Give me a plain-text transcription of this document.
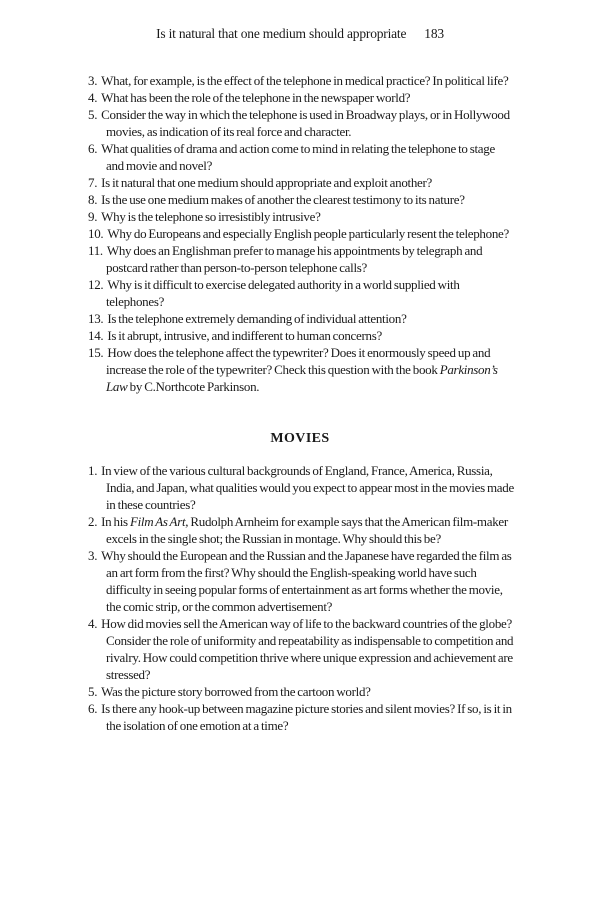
Is it natural that one medium should appropriate 183
3. What, for example, is the effect of the telephone in medical practice? In political life?
4. What has been the role of the telephone in the newspaper world?
5. Consider the way in which the telephone is used in Broadway plays, or in Hollywood movies, as indication of its real force and character.
6. What qualities of drama and action come to mind in relating the telephone to stage and movie and novel?
7. Is it natural that one medium should appropriate and exploit another?
8. Is the use one medium makes of another the clearest testimony to its nature?
9. Why is the telephone so irresistibly intrusive?
10. Why do Europeans and especially English people particularly resent the telephone?
11. Why does an Englishman prefer to manage his appointments by telegraph and postcard rather than person-to-person telephone calls?
12. Why is it difficult to exercise delegated authority in a world supplied with telephones?
13. Is the telephone extremely demanding of individual attention?
14. Is it abrupt, intrusive, and indifferent to human concerns?
15. How does the telephone affect the typewriter? Does it enormously speed up and increase the role of the typewriter? Check this question with the book Parkinson’s Law by C.Northcote Parkinson.
MOVIES
1. In view of the various cultural backgrounds of England, France, America, Russia, India, and Japan, what qualities would you expect to appear most in the movies made in these countries?
2. In his Film As Art, Rudolph Arnheim for example says that the American film-maker excels in the single shot; the Russian in montage. Why should this be?
3. Why should the European and the Russian and the Japanese have regarded the film as an art form from the first? Why should the English-speaking world have such difficulty in seeing popular forms of entertainment as art forms whether the movie, the comic strip, or the common advertisement?
4. How did movies sell the American way of life to the backward countries of the globe? Consider the role of uniformity and repeatability as indispensable to competition and rivalry. How could competition thrive where unique expression and achievement are stressed?
5. Was the picture story borrowed from the cartoon world?
6. Is there any hook-up between magazine picture stories and silent movies? If so, is it in the isolation of one emotion at a time?
